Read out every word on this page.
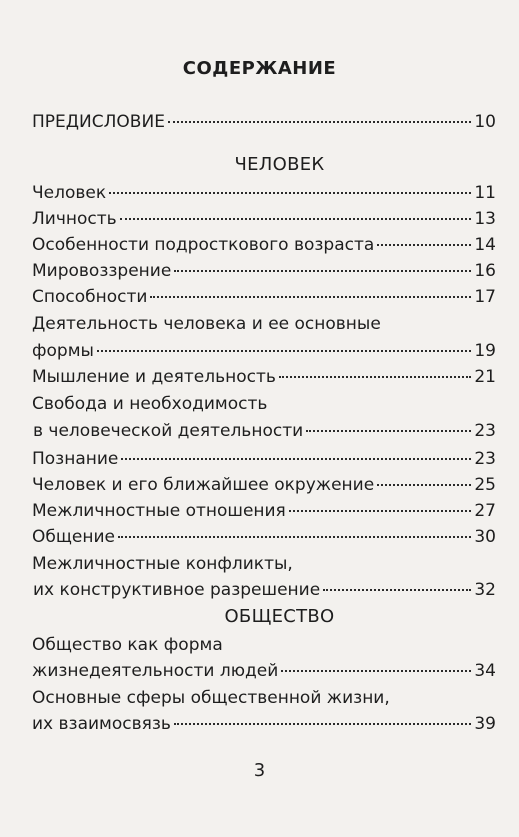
СОДЕРЖАНИЕ
ПРЕДИСЛОВИЕ	10
ЧЕЛОВЕК
Человек	11
Личность	13
Особенности подросткового возраста	14
Мировоззрение	16
Способности	17
Деятельность человека и ее основные
формы	19
Мышление и деятельность	21
Свобода и необходимость
в человеческой деятельности	23
Познание	23
Человек и его ближайшее окружение	25
Межличностные отношения	27
Общение	30
Межличностные конфликты,
их конструктивное разрешение	32
ОБЩЕСТВО
Общество как форма
жизнедеятельности людей	34
Основные сферы общественной жизни,
их взаимосвязь	39
3
